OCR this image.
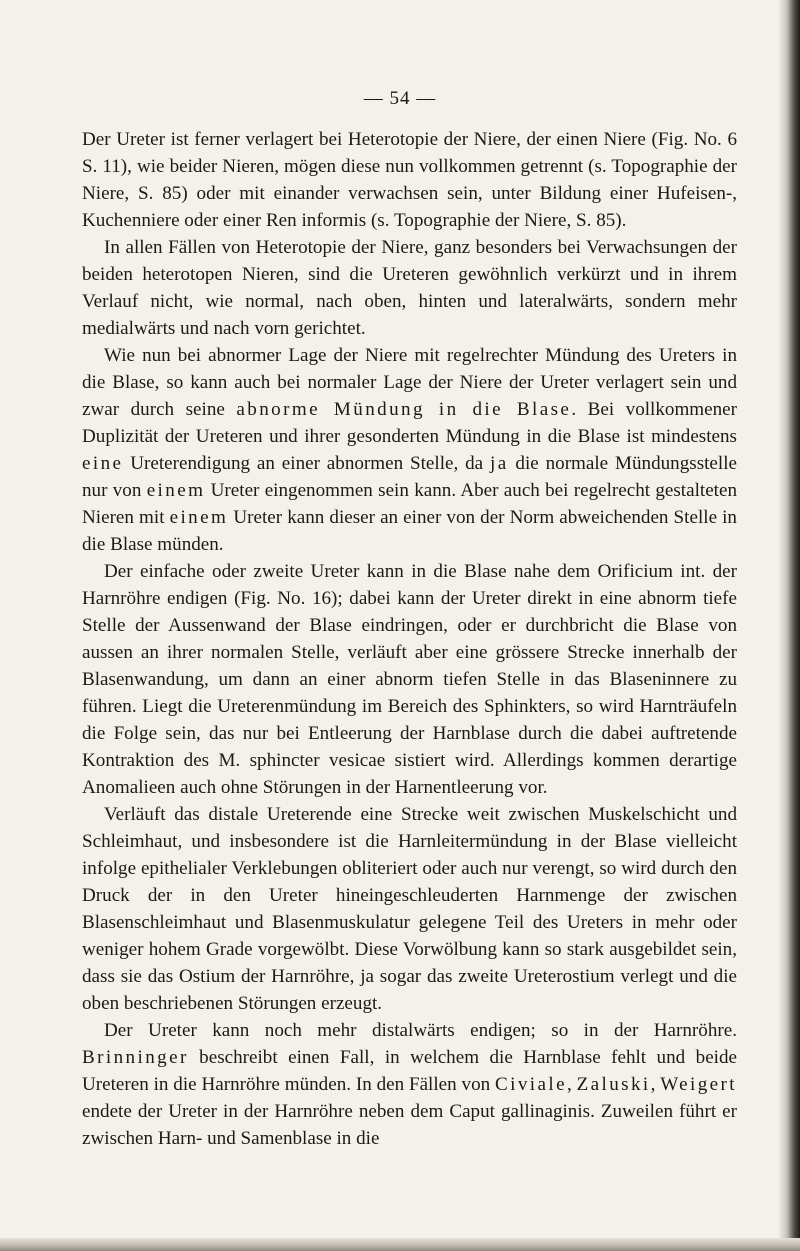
— 54 —

Der Ureter ist ferner verlagert bei Heterotopie der Niere, der einen Niere (Fig. No. 6 S. 11), wie beider Nieren, mögen diese nun vollkommen getrennt (s. Topographie der Niere, S. 85) oder mit einander verwachsen sein, unter Bildung einer Hufeisen-, Kuchenniere oder einer Ren informis (s. Topographie der Niere, S. 85).

In allen Fällen von Heterotopie der Niere, ganz besonders bei Verwachsungen der beiden heterotopen Nieren, sind die Ureteren gewöhnlich verkürzt und in ihrem Verlauf nicht, wie normal, nach oben, hinten und lateralwärts, sondern mehr medialwärts und nach vorn gerichtet.

Wie nun bei abnormer Lage der Niere mit regelrechter Mündung des Ureters in die Blase, so kann auch bei normaler Lage der Niere der Ureter verlagert sein und zwar durch seine abnorme Mündung in die Blase. Bei vollkommener Duplizität der Ureteren und ihrer gesonderten Mündung in die Blase ist mindestens eine Ureterendigung an einer abnormen Stelle, da ja die normale Mündungsstelle nur von einem Ureter eingenommen sein kann. Aber auch bei regelrecht gestalteten Nieren mit einem Ureter kann dieser an einer von der Norm abweichenden Stelle in die Blase münden.

Der einfache oder zweite Ureter kann in die Blase nahe dem Orificium int. der Harnröhre endigen (Fig. No. 16); dabei kann der Ureter direkt in eine abnorm tiefe Stelle der Aussenwand der Blase eindringen, oder er durchbricht die Blase von aussen an ihrer normalen Stelle, verläuft aber eine grössere Strecke innerhalb der Blasenwandung, um dann an einer abnorm tiefen Stelle in das Blaseninnere zu führen. Liegt die Ureterenmündung im Bereich des Sphinkters, so wird Harnträufeln die Folge sein, das nur bei Entleerung der Harnblase durch die dabei auftretende Kontraktion des M. sphincter vesicae sistiert wird. Allerdings kommen derartige Anomalieen auch ohne Störungen in der Harnentleerung vor.

Verläuft das distale Ureterende eine Strecke weit zwischen Muskelschicht und Schleimhaut, und insbesondere ist die Harnleitermündung in der Blase vielleicht infolge epithelialer Verklebungen obliteriert oder auch nur verengt, so wird durch den Druck der in den Ureter hineingeschleuderten Harnmenge der zwischen Blasenschleimhaut und Blasenmuskulatur gelegene Teil des Ureters in mehr oder weniger hohem Grade vorgewölbt. Diese Vorwölbung kann so stark ausgebildet sein, dass sie das Ostium der Harnröhre, ja sogar das zweite Ureterostium verlegt und die oben beschriebenen Störungen erzeugt.

Der Ureter kann noch mehr distalwärts endigen; so in der Harnröhre. Brinninger beschreibt einen Fall, in welchem die Harnblase fehlt und beide Ureteren in die Harnröhre münden. In den Fällen von Civiale, Zaluski, Weigert endete der Ureter in der Harnröhre neben dem Caput gallinaginis. Zuweilen führt er zwischen Harn- und Samenblase in die
